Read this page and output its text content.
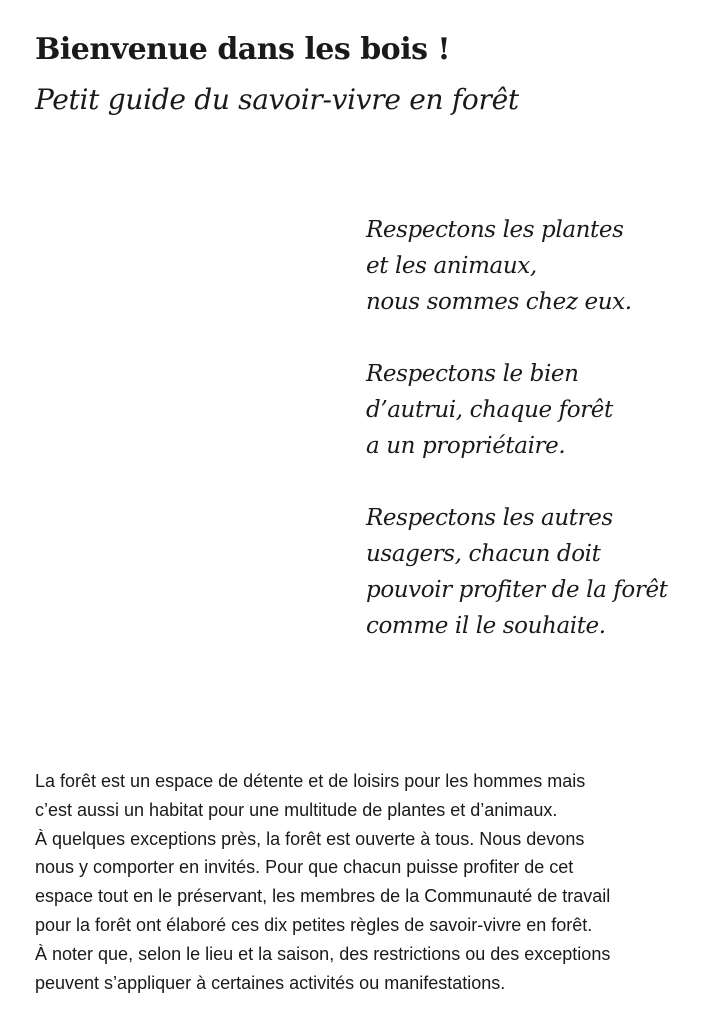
Bienvenue dans les bois !
Petit guide du savoir-vivre en forêt

Respectons les plantes
et les animaux,
nous sommes chez eux.

Respectons le bien
d’autrui, chaque forêt
a un propriétaire.

Respectons les autres
usagers, chacun doit
pouvoir profiter de la forêt
comme il le souhaite.

La forêt est un espace de détente et de loisirs pour les hommes mais
c’est aussi un habitat pour une multitude de plantes et d’animaux.
À quelques exceptions près, la forêt est ouverte à tous. Nous devons
nous y comporter en invités. Pour que chacun puisse profiter de cet
espace tout en le préservant, les membres de la Communauté de travail
pour la forêt ont élaboré ces dix petites règles de savoir-vivre en forêt.
À noter que, selon le lieu et la saison, des restrictions ou des exceptions
peuvent s’appliquer à certaines activités ou manifestations.
